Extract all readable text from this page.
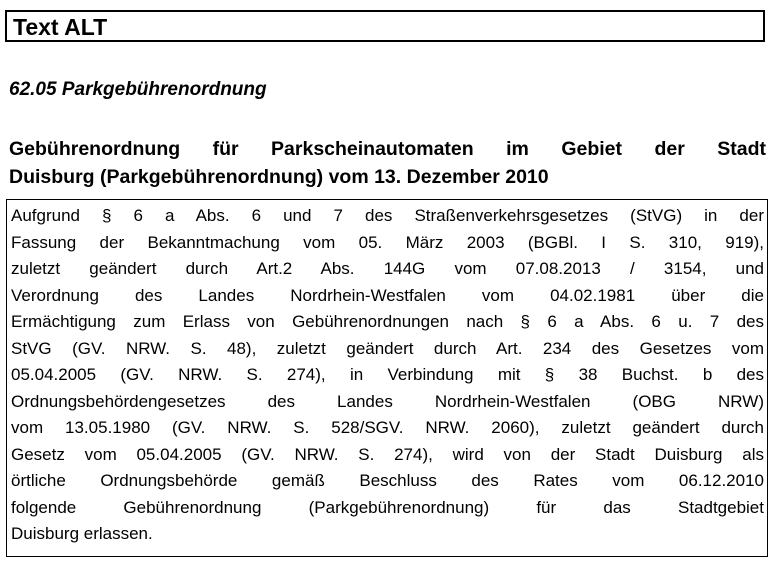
Text ALT
62.05 Parkgebührenordnung
Gebührenordnung für Parkscheinautomaten im Gebiet der Stadt
Duisburg (Parkgebührenordnung) vom 13. Dezember 2010
Aufgrund § 6 a Abs. 6 und 7 des Straßenverkehrsgesetzes (StVG) in der
Fassung der Bekanntmachung vom 05. März 2003 (BGBl. I S. 310, 919),
zuletzt geändert durch Art.2 Abs. 144G vom 07.08.2013 / 3154, und
Verordnung des Landes Nordrhein-Westfalen vom 04.02.1981 über die
Ermächtigung zum Erlass von Gebührenordnungen nach § 6 a Abs. 6 u. 7 des
StVG (GV. NRW. S. 48), zuletzt geändert durch Art. 234 des Gesetzes vom
05.04.2005 (GV. NRW. S. 274), in Verbindung mit § 38 Buchst. b des
Ordnungsbehördengesetzes des Landes Nordrhein-Westfalen (OBG NRW)
vom 13.05.1980 (GV. NRW. S. 528/SGV. NRW. 2060), zuletzt geändert durch
Gesetz vom 05.04.2005 (GV. NRW. S. 274), wird von der Stadt Duisburg als
örtliche Ordnungsbehörde gemäß Beschluss des Rates vom 06.12.2010
folgende Gebührenordnung (Parkgebührenordnung) für das Stadtgebiet
Duisburg erlassen.
